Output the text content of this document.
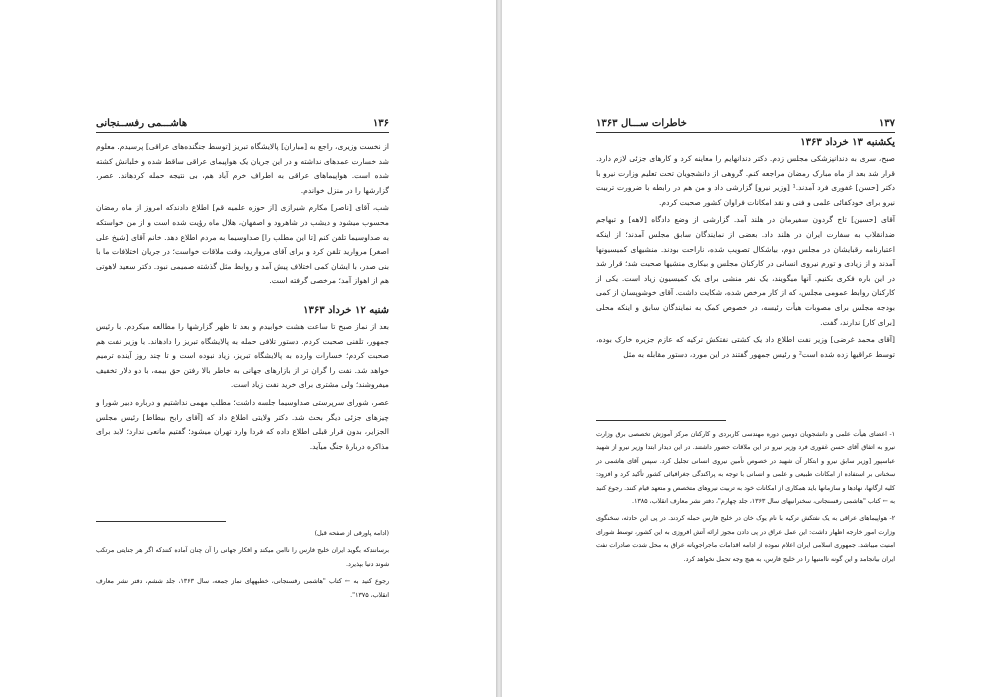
۱۳۶
هاشـــمی رفســنجانی

از نخست وزیری، راجع به [مباران] پالایشگاه تبریز [توسط جنگندەهای عراقی] پرسیدم. معلوم شد خسارت عمدهای نداشته و در این جریان یک هواپیمای عراقی ساقط شده و خلبانش کشته شده است. هواپیماهای عراقی به اطراف خرم آباد هم، بی نتیجه حمله کردهاند. عصر، گزارشها را در منزل خواندم.

شب، آقای [ناصر] مکارم شیرازی [از حوزه علمیه قم] اطلاع دادندکه امروز از ماه رمضان محسوب میشود و دیشب در شاهرود و اصفهان، هلال ماه رؤیت شده است و از من خواستکه به صداوسیما تلفن کنم [تا این مطلب را] صداوسیما به مردم اطلاع دهد. خانم آقای [شیخ علی اصغر] مروارید تلفن کرد و برای آقای مروارید، وقت ملاقات خواست؛ در جریان اختلافات ما با بنی صدر، با ایشان کمی اختلاف پیش آمد و روابط مثل گذشته صمیمی نبود. دکتر سعید لاهوتی هم از اهواز آمد؛ مرخصی گرفته است.

شنبه ۱۲ خرداد ۱۳۶۳

بعد از نماز صبح تا ساعت هشت خوابیدم و بعد تا ظهر گزارشها را مطالعه میکردم. با رئیس جمهور، تلفنی صحبت کردم. دستور تلافی حمله به پالایشگاه تبریز را دادهاند. با وزیر نفت هم صحبت کردم؛ خسارات وارده به پالایشگاه تبریز، زیاد نبوده است و تا چند روز آینده ترمیم خواهد شد. نفت را گران تر از بازارهای جهانی به خاطر بالا رفتن حق بیمه، با دو دلار تخفیف میفروشند؛ ولی مشتری برای خرید نفت زیاد است.

عصر، شورای سرپرستی صداوسیما جلسه داشت؛ مطلب مهمی نداشتیم و درباره دبیر شورا و چیزهای جزئی دیگر بحث شد. دکتر ولایتی اطلاع داد که [آقای رابح بیطاط] رئیس مجلس الجزایر، بدون قرار قبلی اطلاع داده که فردا وارد تهران میشود؛ گفتیم مانعی ندارد؛ لابد برای مذاکره دربارهٔ جنگ میآید.

(ادامه پاورقی از صفحه قبل)

برسانندکه بگوید ایران خلیج فارس را ناامن میکند و افکار جهانی را آن چنان آماده کنندکه اگر هر جنایتی مرتکب شوند دنیا بپذیرد.

رجوع کنید به ← کتاب "هاشمی رفسنجانی، خطبههای نماز جمعه، سال ۱۳۶۳، جلد ششم، دفتر نشر معارف انقلاب، ۱۳۷۵".

۱۳۷
خاطرات ســـال ۱۳۶۳
یکشنبه ۱۳ خرداد ۱۳۶۳

صبح، سری به دندانپزشکی مجلس زدم. دکتر دندانهایم را معاینه کرد و کارهای جزئی لازم دارد. قرار شد بعد از ماه مبارک رمضان مراجعه کنم. گروهی از دانشجویان تحت تعلیم وزارت نیرو با دکتر [حسن] غفوری فرد آمدند.¹ [وزیر نیرو] گزارشی داد و من هم در رابطه با ضرورت تربیت نیرو برای خودکفائی علمی و فنی و نقد امکانات فراوان کشور صحبت کردم.

آقای [حسین] تاج گردون سفیرمان در هلند آمد. گزارشی از وضع دادگاه [لاهه] و تبهاجم ضدانقلاب به سفارت ایران در هلند داد. بعضی از نمایندگان سابق مجلس آمدند؛ از اینکه اعتبارنامه رقبایشان در مجلس دوم، بیاشکال تصویب شده، ناراحت بودند. منشیهای کمیسیونها آمدند و از زیادی و تورم نیروی انسانی در کارکنان مجلس و بیکاری منشیها صحبت شد؛ قرار شد در این باره فکری بکنیم. آنها میگویند، یک نفر منشی برای یک کمیسیون زیاد است. یکی از کارکنان روابط عمومی مجلس، که از کار مرخص شده، شکایت داشت. آقای خوشوپسان از کمی بودجه مجلس برای مصوبات هیأت رئیسه، در خصوص کمک به نمایندگان سابق و اینکه محلی [برای کار] ندارند، گفت.

[آقای محمد غرضی] وزیر نفت اطلاع داد یک کشتی نفتکش ترکیه که عازم جزیره خارک بوده، توسط عراقیها زده شده است² و رئیس جمهور گفتند در این مورد، دستور مقابله به مثل

۱- اعضای هیأت علمی و دانشجویان دومین دوره مهندسی کاربردی و کارکنان مرکز آموزش تخصصی برق وزارت نیرو به اتفاق آقای حسن غفوری فرد وزیر نیرو در این ملاقات حضور داشتند. در این دیدار ابتدا وزیر نیرو از شهید عباسپور [وزیر سابق نیرو و ابتکار آن شهید در خصوص تأمین نیروی انسانی تجلیل کرد. سپس آقای هاشمی در سخنانی بر استفاده از امکانات طبیعی و علمی و انسانی با توجه به پراکندگی جغرافیائی کشور تأکید کرد و افزود: کلیه ارگانها، نهادها و سازمانها باید همکاری از امکانات خود به تربیت نیروهای متخصص و متعهد قیام کنند. رجوع کنید به ← کتاب "هاشمی رفسنجانی، سخنرانیهای سال ۱۳۶۳، جلد چهارم"، دفتر نشر معارف انقلاب، ۱۳۸۵.

۲- هواپیماهای عراقی به یک نفتکش ترکیه با نام یوک خان در خلیج فارس حمله کردند. در پی این حادثه، سخنگوی وزارت امور خارجه اظهار داشت: این عمل عراق در پی دادن مجوز ارائه آتش افروزی به این کشور، توسط شورای امنیت میباشد. جمهوری اسلامی ایران اعلام نموده از ادامه اقدامات ماجراجویانه عراق به محل شدت صادرات نفت ایران بیانجامد و این گونه ناامنیها را در خلیج فارس، به هیچ وجه تحمل نخواهد کرد.
